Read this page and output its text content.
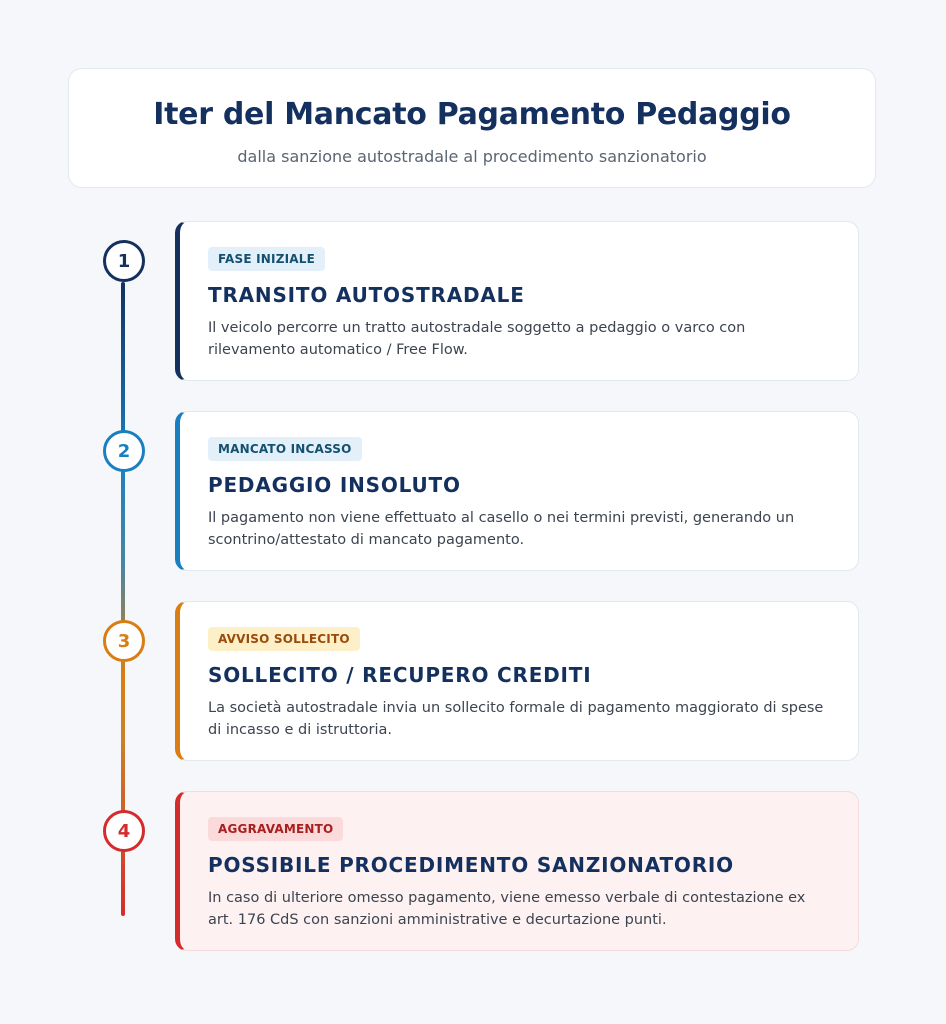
Iter del Mancato Pagamento Pedaggio

dalla sanzione autostradale al procedimento sanzionatorio

1	FASE INIZIALE
TRANSITO AUTOSTRADALE

Il veicolo percorre un tratto autostradale soggetto a pedaggio o varco con rilevamento automatico / Free Flow.

2	MANCATO INCASSO
PEDAGGIO INSOLUTO

Il pagamento non viene effettuato al casello o nei termini previsti, generando un scontrino/attestato di mancato pagamento.

3	AVVISO SOLLECITO
SOLLECITO / RECUPERO CREDITI

La società autostradale invia un sollecito formale di pagamento maggiorato di spese di incasso e di istruttoria.

4	AGGRAVAMENTO
POSSIBILE PROCEDIMENTO SANZIONATORIO

In caso di ulteriore omesso pagamento, viene emesso verbale di contestazione ex art. 176 CdS con sanzioni amministrative e decurtazione punti.
